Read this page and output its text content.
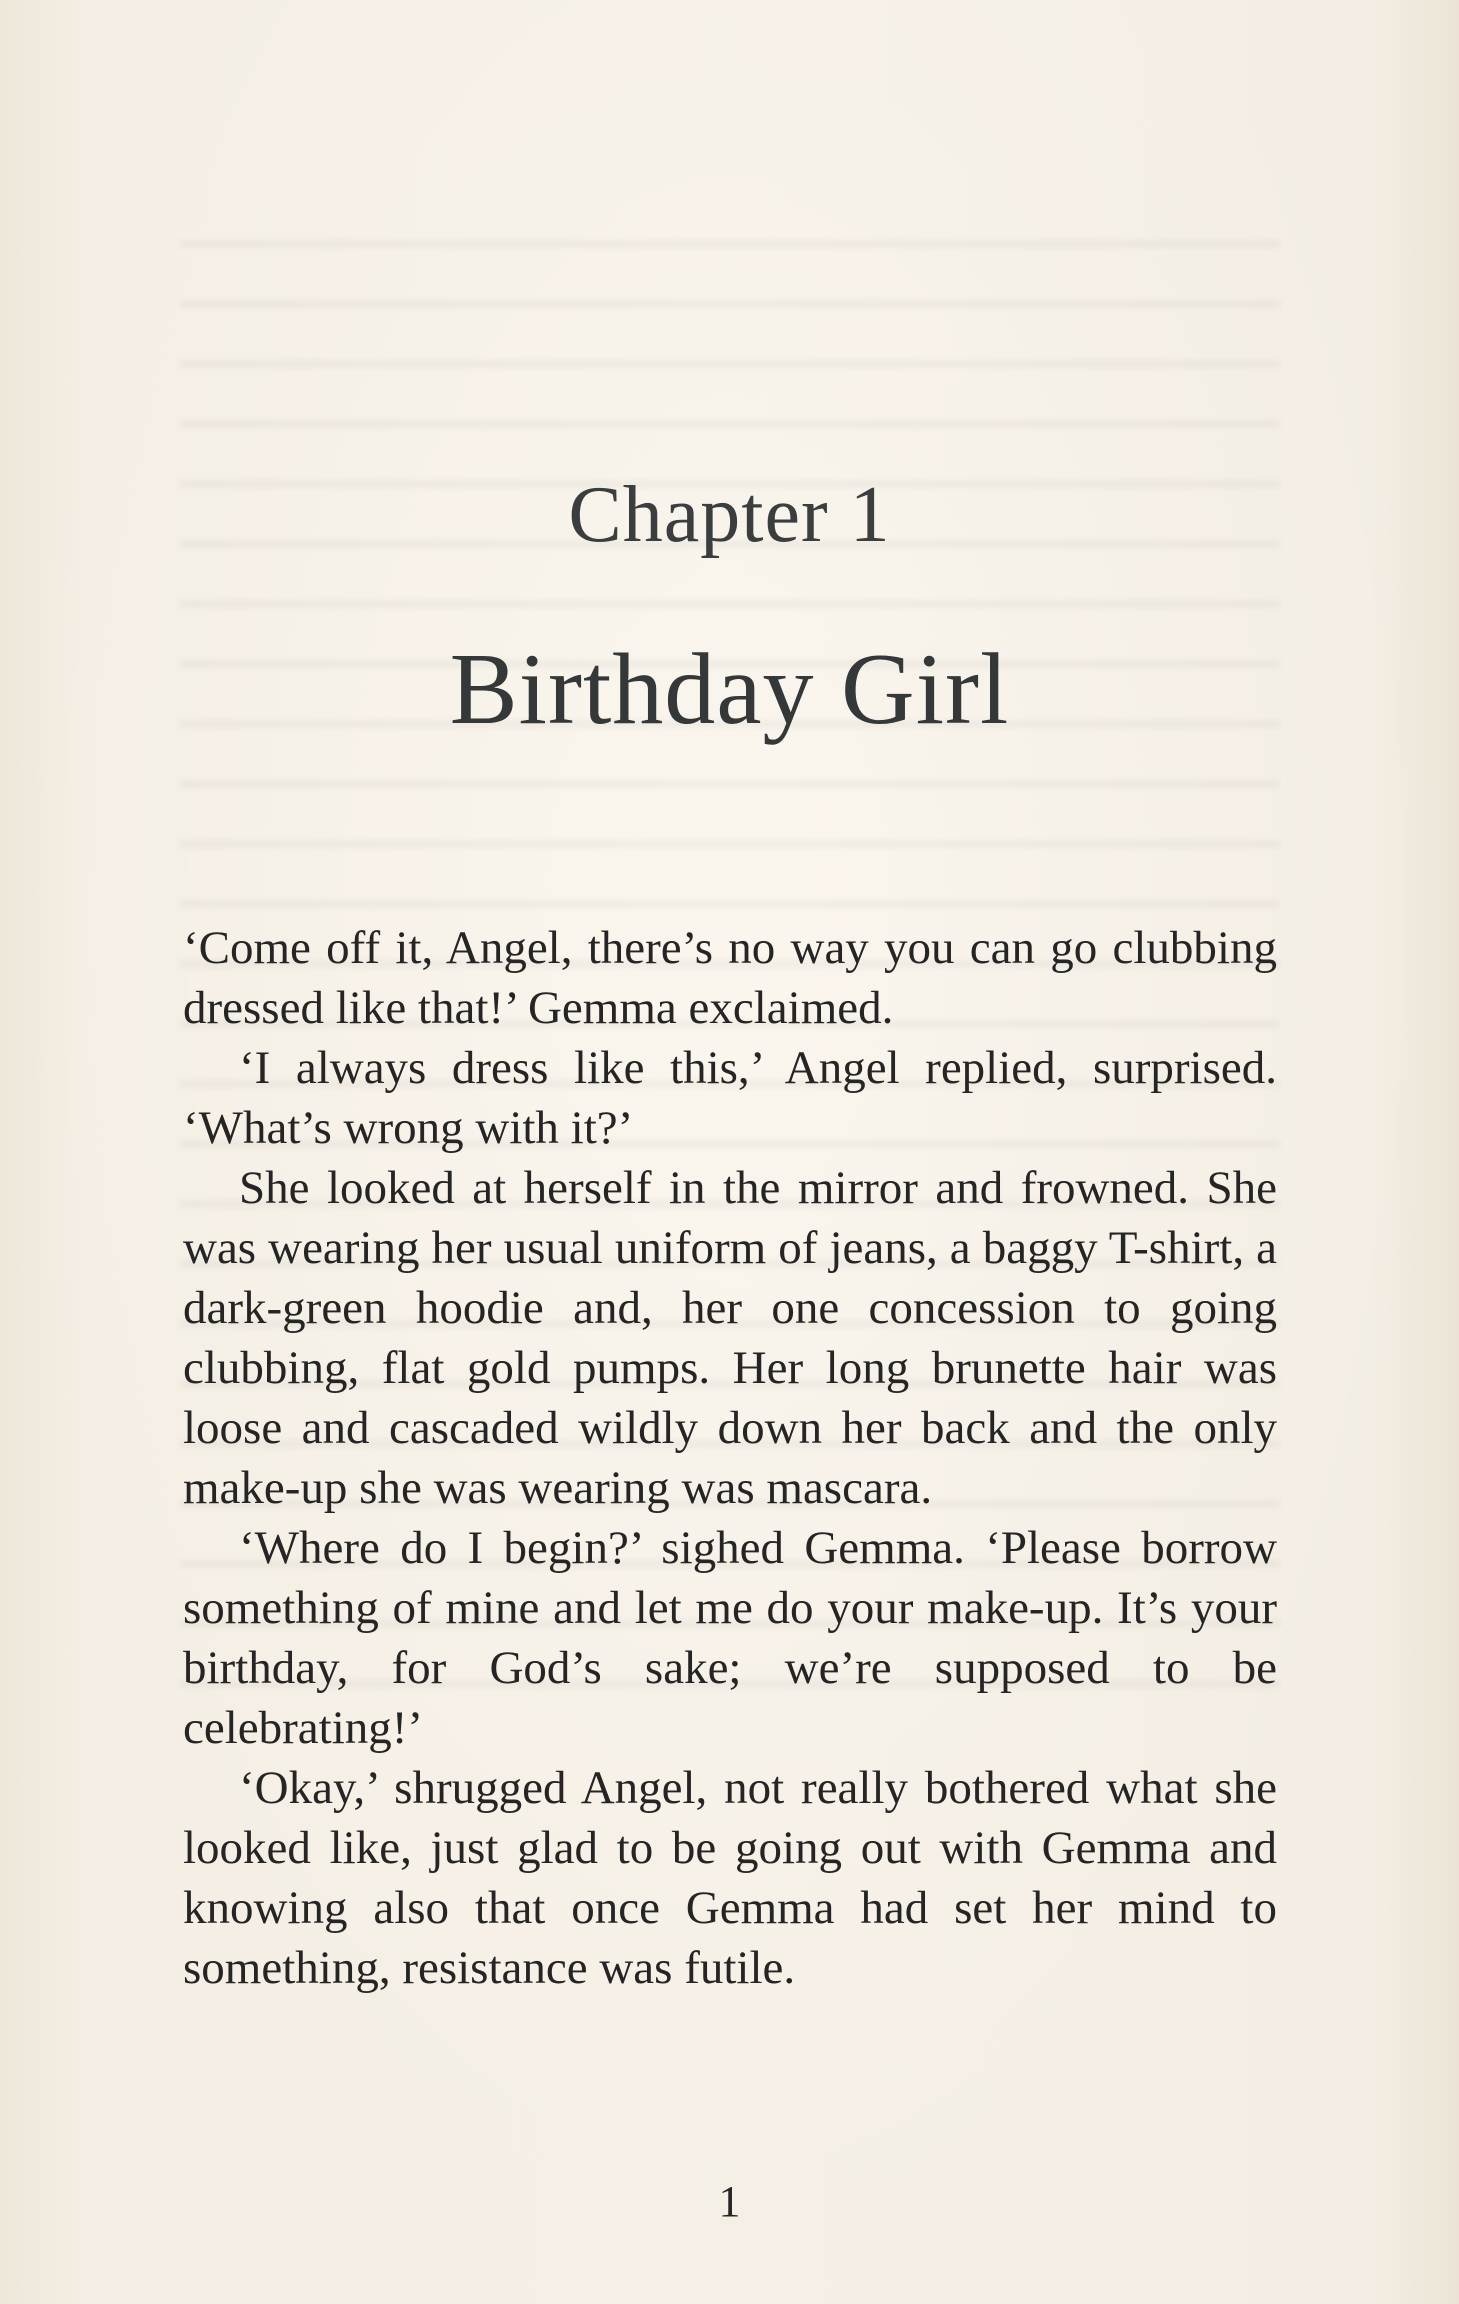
Chapter 1
Birthday Girl

‘Come off it, Angel, there’s no way you can go clubbing dressed like that!’ Gemma exclaimed.

‘I always dress like this,’ Angel replied, surprised. ‘What’s wrong with it?’

She looked at herself in the mirror and frowned. She was wearing her usual uniform of jeans, a baggy T-shirt, a dark-green hoodie and, her one concession to going clubbing, flat gold pumps. Her long brunette hair was loose and cascaded wildly down her back and the only make-up she was wearing was mascara.

‘Where do I begin?’ sighed Gemma. ‘Please borrow something of mine and let me do your make-up. It’s your birthday, for God’s sake; we’re supposed to be celebrating!’

‘Okay,’ shrugged Angel, not really bothered what she looked like, just glad to be going out with Gemma and knowing also that once Gemma had set her mind to something, resistance was futile.

1
